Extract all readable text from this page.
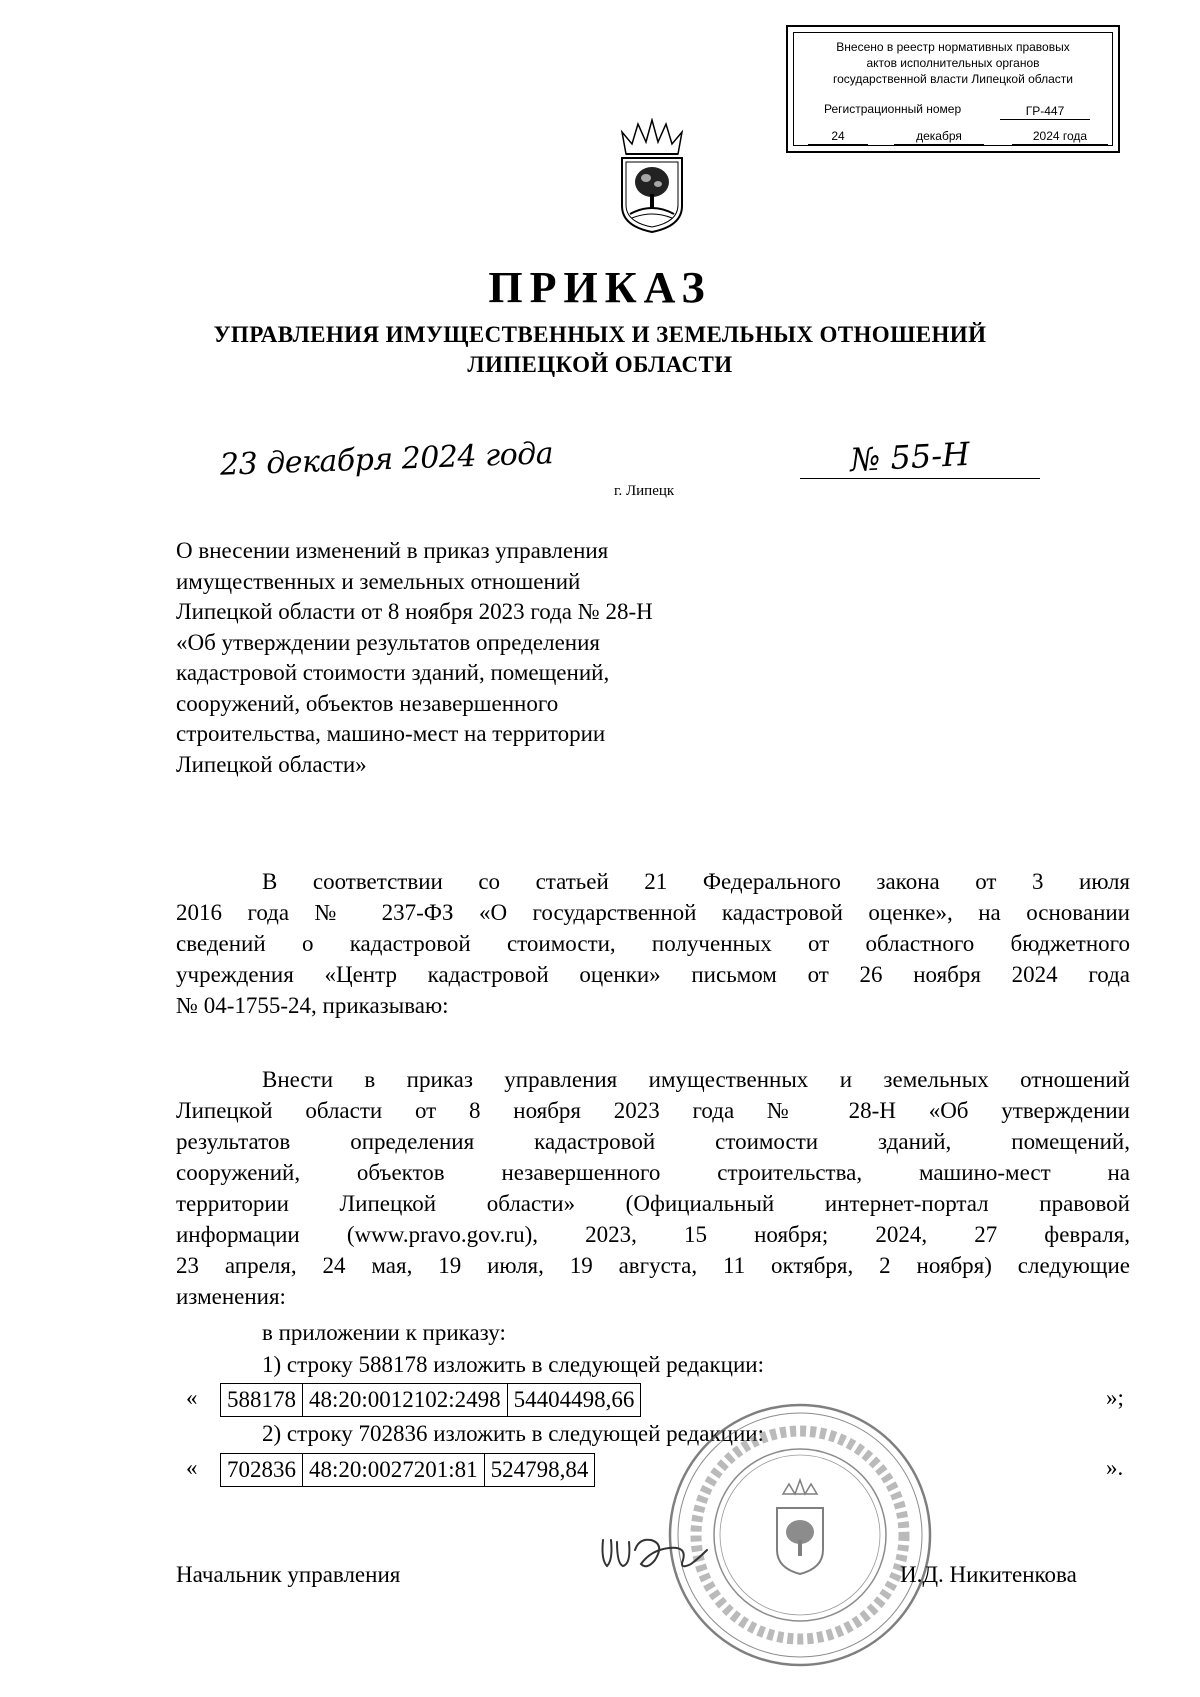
Внесено в реестр нормативных правовых
актов исполнительных органов
государственной власти Липецкой области
Регистрационный номер	ГР-447
24	декабря	2024 года
ПРИКАЗ
УПРАВЛЕНИЯ ИМУЩЕСТВЕННЫХ И ЗЕМЕЛЬНЫХ ОТНОШЕНИЙ
ЛИПЕЦКОЙ ОБЛАСТИ
23 декабря 2024 года	№ 55-Н
г. Липецк
О внесении изменений в приказ управления
имущественных и земельных отношений
Липецкой области от 8 ноября 2023 года № 28-Н
«Об утверждении результатов определения
кадастровой стоимости зданий, помещений,
сооружений, объектов незавершенного
строительства, машино-мест на территории
Липецкой области»
В соответствии со статьей 21 Федерального закона от 3 июля
2016 года № 237-ФЗ «О государственной кадастровой оценке», на основании
сведений о кадастровой стоимости, полученных от областного бюджетного
учреждения «Центр кадастровой оценки» письмом от 26 ноября 2024 года
№ 04-1755-24, приказываю:
Внести в приказ управления имущественных и земельных отношений
Липецкой области от 8 ноября 2023 года № 28-Н «Об утверждении
результатов определения кадастровой стоимости зданий, помещений,
сооружений, объектов незавершенного строительства, машино-мест на
территории Липецкой области» (Официальный интернет-портал правовой
информации (www.pravo.gov.ru), 2023, 15 ноября; 2024, 27 февраля,
23 апреля, 24 мая, 19 июля, 19 августа, 11 октября, 2 ноября) следующие
изменения:
в приложении к приказу:
1) строку 588178 изложить в следующей редакции:
« 588178	48:20:0012102:2498	54404498,66	»;
2) строку 702836 изложить в следующей редакции:
« 702836	48:20:0027201:81	524798,84	».
Начальник управления	И.Д. Никитенкова
